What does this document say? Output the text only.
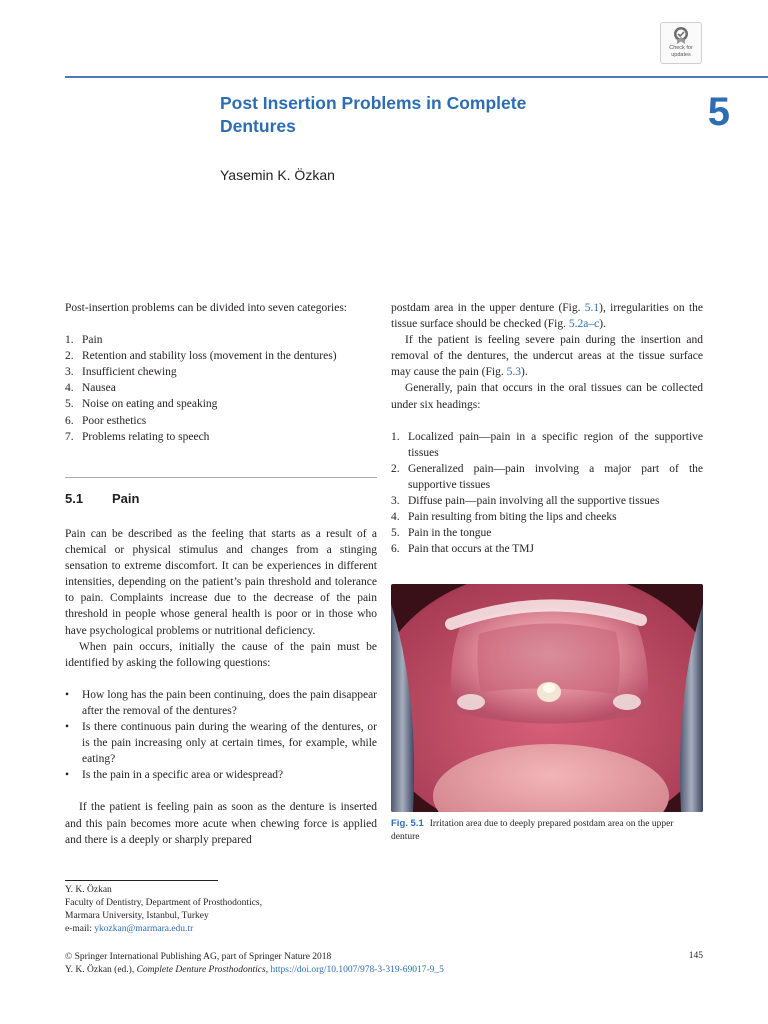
Check for
updates
Post Insertion Problems in Complete
Dentures	5
Yasemin K. Özkan

Post-insertion problems can be divided into seven categories:

1. Pain
2. Retention and stability loss (movement in the dentures)
3. Insufficient chewing
4. Nausea
5. Noise on eating and speaking
6. Poor esthetics
7. Problems relating to speech
5.1 Pain

Pain can be described as the feeling that starts as a result of a chemical or physical stimulus and changes from a stinging sensation to extreme discomfort. It can be experiences in different intensities, depending on the patient’s pain threshold and tolerance to pain. Complaints increase due to the decrease of the pain threshold in people whose general health is poor or in those who have psychological problems or nutritional deficiency.

When pain occurs, initially the cause of the pain must be identified by asking the following questions:

• How long has the pain been continuing, does the pain disappear after the removal of the dentures?
• Is there continuous pain during the wearing of the dentures, or is the pain increasing only at certain times, for example, while eating?
• Is the pain in a specific area or widespread?

If the patient is feeling pain as soon as the denture is inserted and this pain becomes more acute when chewing force is applied and there is a deeply or sharply prepared

postdam area in the upper denture (Fig. 5.1), irregularities on the tissue surface should be checked (Fig. 5.2a–c).

If the patient is feeling severe pain during the insertion and removal of the dentures, the undercut areas at the tissue surface may cause the pain (Fig. 5.3).

Generally, pain that occurs in the oral tissues can be collected under six headings:

1. Localized pain—pain in a specific region of the supportive tissues
2. Generalized pain—pain involving a major part of the supportive tissues
3. Diffuse pain—pain involving all the supportive tissues
4. Pain resulting from biting the lips and cheeks
5. Pain in the tongue
6. Pain that occurs at the TMJ
Fig. 5.1 Irritation area due to deeply prepared postdam area on the upper denture
Y. K. Özkan
Faculty of Dentistry, Department of Prosthodontics,
Marmara University, Istanbul, Turkey
e-mail: ykozkan@marmara.edu.tr
© Springer International Publishing AG, part of Springer Nature 2018
Y. K. Özkan (ed.), Complete Denture Prosthodontics, https://doi.org/10.1007/978-3-319-69017-9_5
145
